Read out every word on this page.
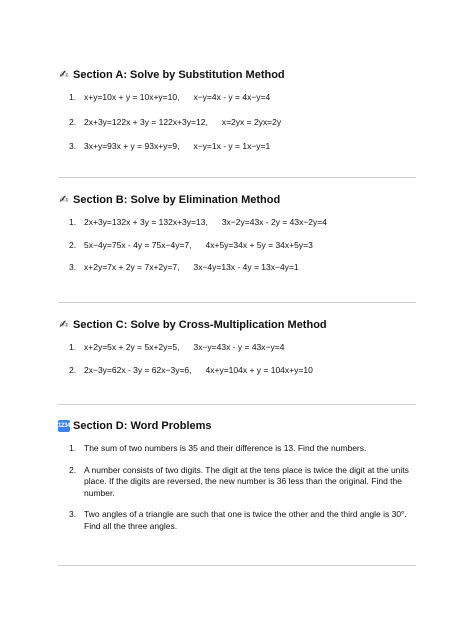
✍ Section A: Solve by Substitution Method
1. x+y=10x + y = 10x+y=10, x−y=4x - y = 4x−y=4
2. 2x+3y=122x + 3y = 122x+3y=12, x=2yx = 2yx=2y
3. 3x+y=93x + y = 93x+y=9, x−y=1x - y = 1x−y=1
✍ Section B: Solve by Elimination Method
1. 2x+3y=132x + 3y = 132x+3y=13, 3x−2y=43x - 2y = 43x−2y=4
2. 5x−4y=75x - 4y = 75x−4y=7, 4x+5y=34x + 5y = 34x+5y=3
3. x+2y=7x + 2y = 7x+2y=7, 3x−4y=13x - 4y = 13x−4y=1
✍ Section C: Solve by Cross-Multiplication Method
1. x+2y=5x + 2y = 5x+2y=5, 3x−y=43x - y = 43x−y=4
2. 2x−3y=62x - 3y = 62x−3y=6, 4x+y=104x + y = 104x+y=10
1234 Section D: Word Problems
1. The sum of two numbers is 35 and their difference is 13. Find the numbers.
2. A number consists of two digits. The digit at the tens place is twice the digit at the units place. If the digits are reversed, the new number is 36 less than the original. Find the number.
3. Two angles of a triangle are such that one is twice the other and the third angle is 30°. Find all the three angles.
